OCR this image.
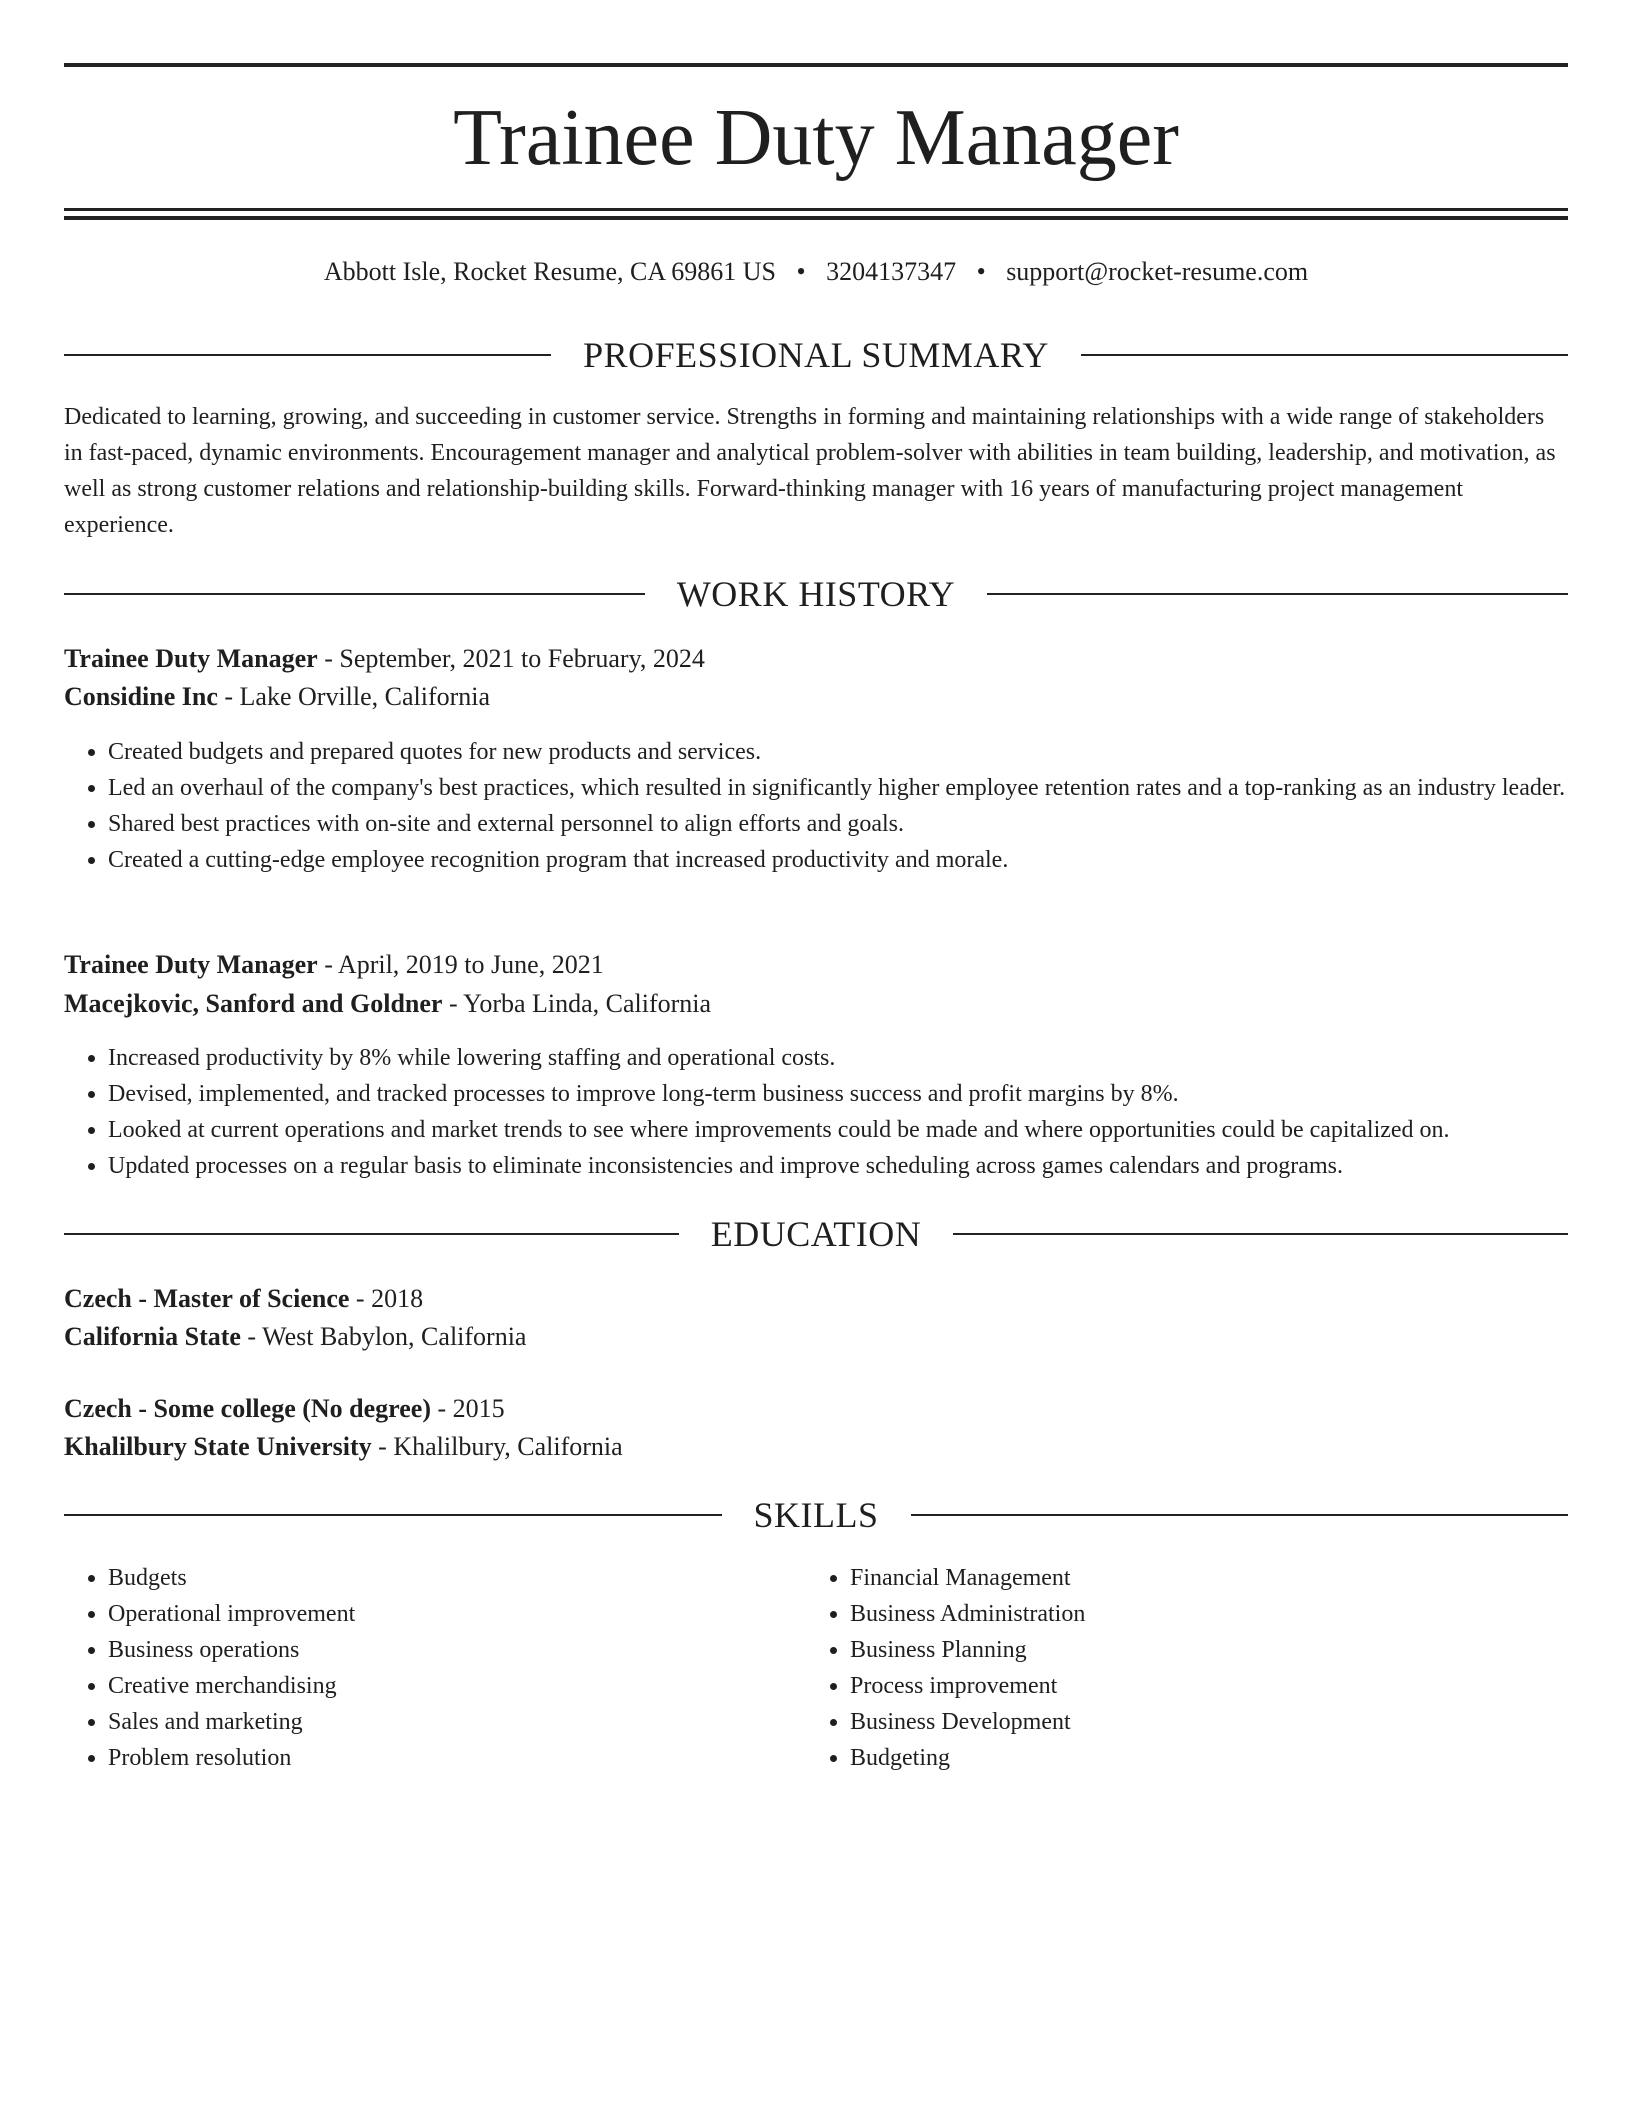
Trainee Duty Manager
Abbott Isle, Rocket Resume, CA 69861 US • 3204137347 • support@rocket-resume.com
PROFESSIONAL SUMMARY

Dedicated to learning, growing, and succeeding in customer service. Strengths in forming and maintaining relationships with a wide range of stakeholders in fast-paced, dynamic environments. Encouragement manager and analytical problem-solver with abilities in team building, leadership, and motivation, as well as strong customer relations and relationship-building skills. Forward-thinking manager with 16 years of manufacturing project management experience.

WORK HISTORY
Trainee Duty Manager - September, 2021 to February, 2024
Considine Inc - Lake Orville, California
• Created budgets and prepared quotes for new products and services.
• Led an overhaul of the company's best practices, which resulted in significantly higher employee retention rates and a top-ranking as an industry leader.
• Shared best practices with on-site and external personnel to align efforts and goals.
• Created a cutting-edge employee recognition program that increased productivity and morale.
Trainee Duty Manager - April, 2019 to June, 2021
Macejkovic, Sanford and Goldner - Yorba Linda, California
• Increased productivity by 8% while lowering staffing and operational costs.
• Devised, implemented, and tracked processes to improve long-term business success and profit margins by 8%.
• Looked at current operations and market trends to see where improvements could be made and where opportunities could be capitalized on.
• Updated processes on a regular basis to eliminate inconsistencies and improve scheduling across games calendars and programs.
EDUCATION
Czech - Master of Science - 2018
California State - West Babylon, California
Czech - Some college (No degree) - 2015
Khalilbury State University - Khalilbury, California
SKILLS
• Budgets
• Operational improvement
• Business operations
• Creative merchandising
• Sales and marketing
• Problem resolution
• Financial Management
• Business Administration
• Business Planning
• Process improvement
• Business Development
• Budgeting
